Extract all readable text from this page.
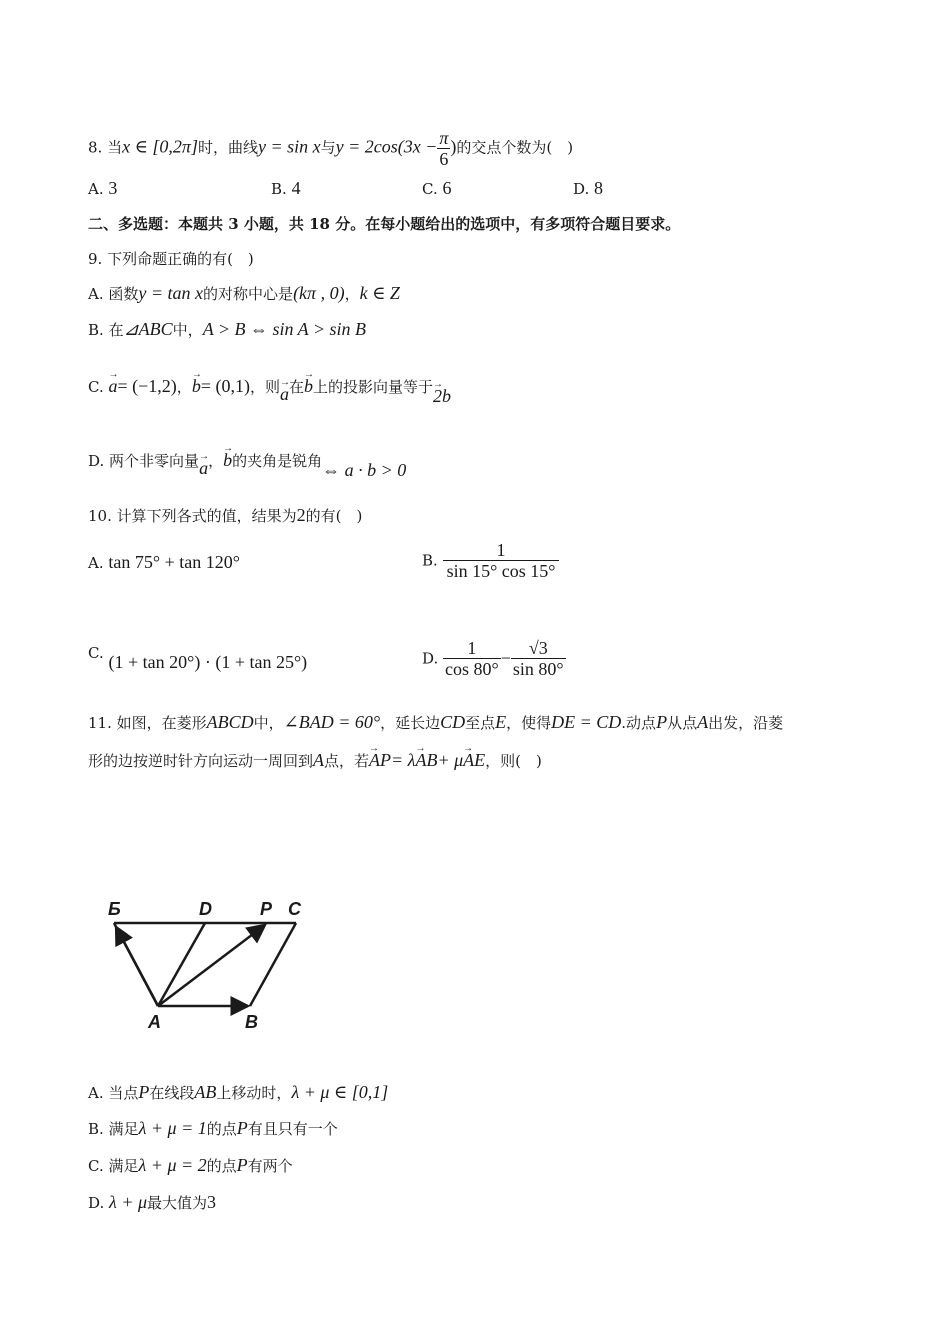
8. 当x ∈ [0,2π]时，曲线y = sin x与$y = 2\cos(3x - \frac{\pi}{6}$ )的交点个数为(　)
A. 3	B. 4	C. 6	D. 8
二、多选题：本题共 3 小题，共 18 分。在每小题给出的选项中，有多项符合题目要求。
9. 下列命题正确的有(　)
A. 函数y = tan x的对称中心是(kπ , 0)，k ∈ Z
B. 在⊿ABC中，A > B ⇔ sin A > sin B
C. → a= (−1,2)，→ b= (0,1)，则→ a在→ b上的投影向量等于→ 2b
D. 两个非零向量→ a，→ b的夹角是锐角⇔ a · b > 0
10. 计算下列各式的值，结果为2的有(　)
A. tan 75° + tan 120°	B. $\frac{1}{\sin 15^\circ \cos 15^\circ}$
C. (1 + tan 20°) · (1 + tan 25°)	D. $\frac{1}{\cos 80^\circ} - \frac{√3}{\sin 80^\circ}$
11. 如图，在菱形ABCD中，∠BAD = 60°，延长边CD至点E，使得DE = CD.动点P从点A出发，沿菱
形的边按逆时针方向运动一周回到A点，若→ AP= λ→ AB+ μ→ AE，则(　)
Б	D	P C
A	B
A. 当点P在线段AB上移动时，λ + μ ∈ [0,1]
B. 满足λ + μ = 1的点P有且只有一个
C. 满足λ + μ = 2的点P有两个
D. λ + μ最大值为3
